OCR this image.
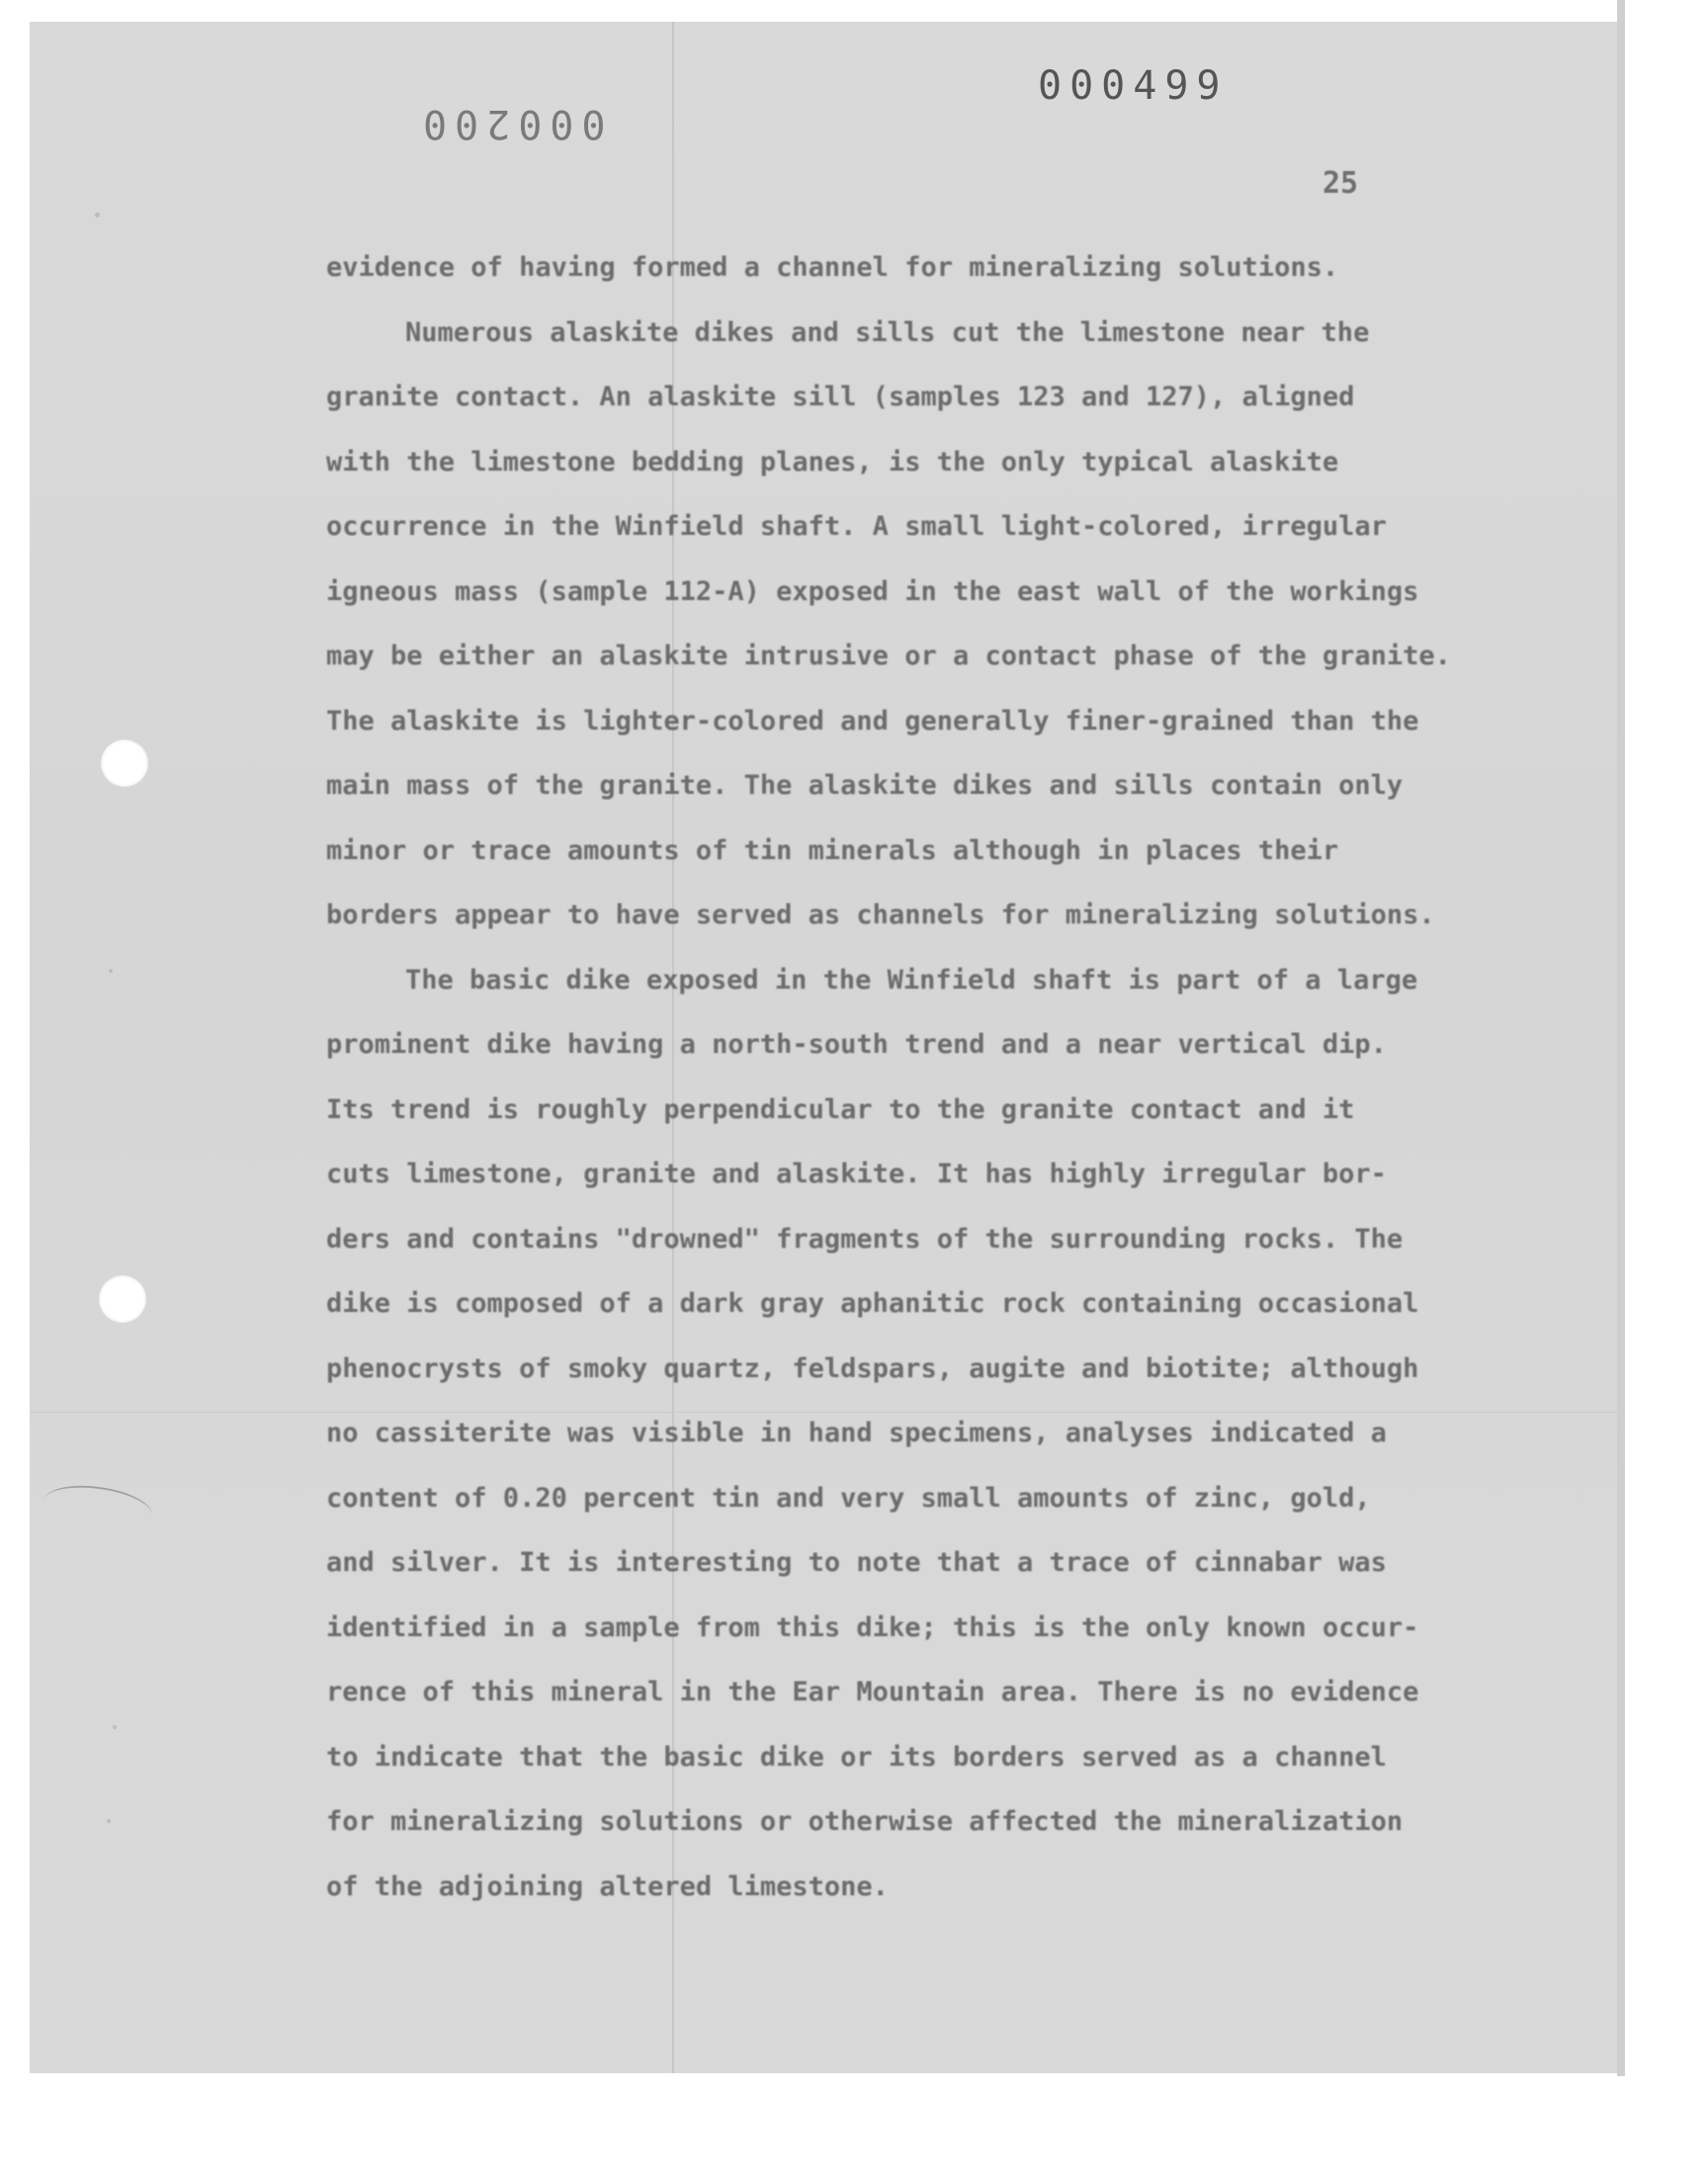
000200
000499
25

evidence of having formed a channel for mineralizing solutions.

Numerous alaskite dikes and sills cut the limestone near the

granite contact. An alaskite sill (samples 123 and 127), aligned

with the limestone bedding planes, is the only typical alaskite

occurrence in the Winfield shaft. A small light-colored, irregular

igneous mass (sample 112-A) exposed in the east wall of the workings

may be either an alaskite intrusive or a contact phase of the granite.

The alaskite is lighter-colored and generally finer-grained than the

main mass of the granite. The alaskite dikes and sills contain only

minor or trace amounts of tin minerals although in places their

borders appear to have served as channels for mineralizing solutions.

The basic dike exposed in the Winfield shaft is part of a large

prominent dike having a north-south trend and a near vertical dip.

Its trend is roughly perpendicular to the granite contact and it

cuts limestone, granite and alaskite. It has highly irregular bor-

ders and contains "drowned" fragments of the surrounding rocks. The

dike is composed of a dark gray aphanitic rock containing occasional

phenocrysts of smoky quartz, feldspars, augite and biotite; although

no cassiterite was visible in hand specimens, analyses indicated a

content of 0.20 percent tin and very small amounts of zinc, gold,

and silver. It is interesting to note that a trace of cinnabar was

identified in a sample from this dike; this is the only known occur-

rence of this mineral in the Ear Mountain area. There is no evidence

to indicate that the basic dike or its borders served as a channel

for mineralizing solutions or otherwise affected the mineralization

of the adjoining altered limestone.
